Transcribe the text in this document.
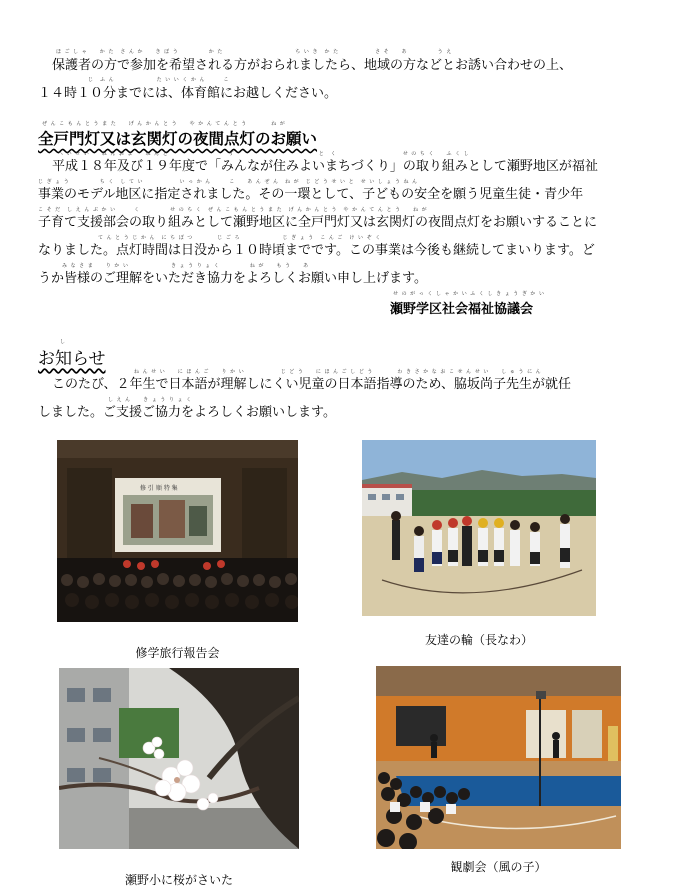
ほ ご し ゃ　　か た　さ ん か　　き ぼ う　　　　　か た　　　　　　　　　　　　ち い き　か た　　　　　　さ そ　　あ　　　　　う え
保護者の方で参加を希望される方がおられましたら、地域の方などとお誘い合わせの上、
じ　ふ ん　　　　　　　た い い く か ん　　　こ
１４時１０分までには、体育館にお越しください。
ぜ ん こ も ん と う ま た　　げ ん か ん と う　　や か ん て ん と う　　　　ね が
全戸門灯又は玄関灯の夜間点灯のお願い
へ い せ い　　ね ん お よ　　ね ん ど　　　　　　　　　　す　　　　　　　　　　　　　　と　く　　　　　　　　　　　せ の ち く　　ふ く し
平成１８年及び１９年度で「みんなが住みよいまちづくり」の取り組みとして瀬野地区が福祉
じ ぎ ょ う　　　　　ち く　し て い　　　　　　い っ か ん　　　こ　　あ ん ぜ ん　ね が　じ ど う せ い と　せ い し ょ う ね ん
事業のモデル地区に指定されました。その一環として、子どもの安全を願う児童生徒・青少年
こ そ だ　し え ん ぶ か い　　　く　　　　　せ の ち く　ぜ ん こ も ん と う ま た　げ ん か ん と う　や か ん て ん と う　　ね が
子育て支援部会の取り組みとして瀬野地区に全戸門灯又は玄関灯の夜間点灯をお願いすることに
て ん と う じ か ん　に ち ぼ つ　　　　じ ご ろ　　　　　　　じ ぎ ょ う　こ ん ご　け い ぞ く
なりました。点灯時間は日没から１０時頃までです。この事業は今後も継続してまいります。ど
み な さ ま　　り か い　　　　　　　き ょ う り ょ く　　　　　ね が　　も う　　あ
うか皆様のご理解をいただき協力をよろしくお願い申し上げます。
せ の が っ く し ゃ か い ふ く し き ょ う ぎ か い
瀬野学区社会福祉協議会
し
お知らせ
ね ん せ い　　に ほ ん ご　　り か い　　　　　　じ ど う　　に ほ ん ご し ど う　　　　わ き さ か な お こ せ ん せ い　　し ゅ う に ん
このたび、２年生で日本語が理解しにくい児童の日本語指導のため、脇坂尚子先生が就任
し え ん　　き ょ う り ょ く
しました。ご支援ご協力をよろしくお願いします。
修 引 順 特 集
修学旅行報告会
友達の輪（長なわ）
瀬野小に桜がさいた
観劇会（風の子）
